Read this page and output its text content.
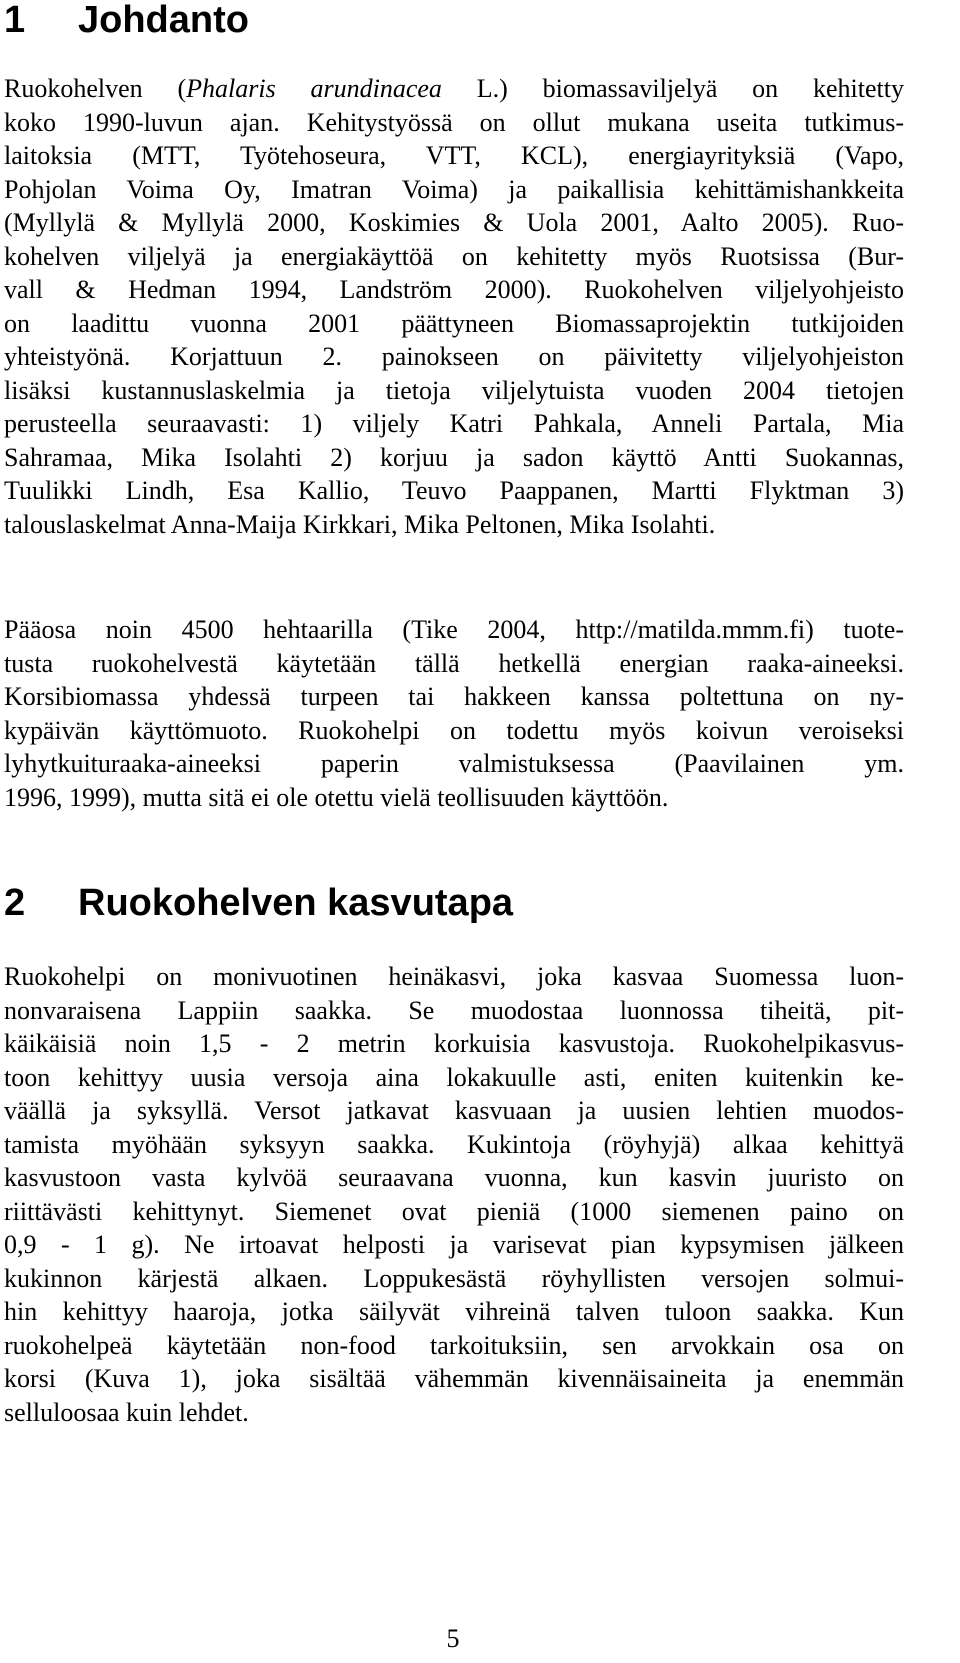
1 Johdanto
Ruokohelven (Phalaris arundinacea L.) biomassaviljelyä on kehitetty
koko 1990-luvun ajan. Kehitystyössä on ollut mukana useita tutkimus-
laitoksia (MTT, Työtehoseura, VTT, KCL), energiayrityksiä (Vapo,
Pohjolan Voima Oy, Imatran Voima) ja paikallisia kehittämishankkeita
(Myllylä & Myllylä 2000, Koskimies & Uola 2001, Aalto 2005). Ruo-
kohelven viljelyä ja energiakäyttöä on kehitetty myös Ruotsissa (Bur-
vall & Hedman 1994, Landström 2000). Ruokohelven viljelyohjeisto
on laadittu vuonna 2001 päättyneen Biomassaprojektin tutkijoiden
yhteistyönä. Korjattuun 2. painokseen on päivitetty viljelyohjeiston
lisäksi kustannuslaskelmia ja tietoja viljelytuista vuoden 2004 tietojen
perusteella seuraavasti: 1) viljely Katri Pahkala, Anneli Partala, Mia
Sahramaa, Mika Isolahti 2) korjuu ja sadon käyttö Antti Suokannas,
Tuulikki Lindh, Esa Kallio, Teuvo Paappanen, Martti Flyktman 3)
talouslaskelmat Anna-Maija Kirkkari, Mika Peltonen, Mika Isolahti.
Pääosa noin 4500 hehtaarilla (Tike 2004, http://matilda.mmm.fi) tuote-
tusta ruokohelvestä käytetään tällä hetkellä energian raaka-aineeksi.
Korsibiomassa yhdessä turpeen tai hakkeen kanssa poltettuna on ny-
kypäivän käyttömuoto. Ruokohelpi on todettu myös koivun veroiseksi
lyhytkuituraaka-aineeksi paperin valmistuksessa (Paavilainen ym.
1996, 1999), mutta sitä ei ole otettu vielä teollisuuden käyttöön.
2 Ruokohelven kasvutapa
Ruokohelpi on monivuotinen heinäkasvi, joka kasvaa Suomessa luon-
nonvaraisena Lappiin saakka. Se muodostaa luonnossa tiheitä, pit-
käikäisiä noin 1,5 - 2 metrin korkuisia kasvustoja. Ruokohelpikasvus-
toon kehittyy uusia versoja aina lokakuulle asti, eniten kuitenkin ke-
väällä ja syksyllä. Versot jatkavat kasvuaan ja uusien lehtien muodos-
tamista myöhään syksyyn saakka. Kukintoja (röyhyjä) alkaa kehittyä
kasvustoon vasta kylvöä seuraavana vuonna, kun kasvin juuristo on
riittävästi kehittynyt. Siemenet ovat pieniä (1000 siemenen paino on
0,9 - 1 g). Ne irtoavat helposti ja varisevat pian kypsymisen jälkeen
kukinnon kärjestä alkaen. Loppukesästä röyhyllisten versojen solmui-
hin kehittyy haaroja, jotka säilyvät vihreinä talven tuloon saakka. Kun
ruokohelpeä käytetään non-food tarkoituksiin, sen arvokkain osa on
korsi (Kuva 1), joka sisältää vähemmän kivennäisaineita ja enemmän
selluloosaa kuin lehdet.
5
